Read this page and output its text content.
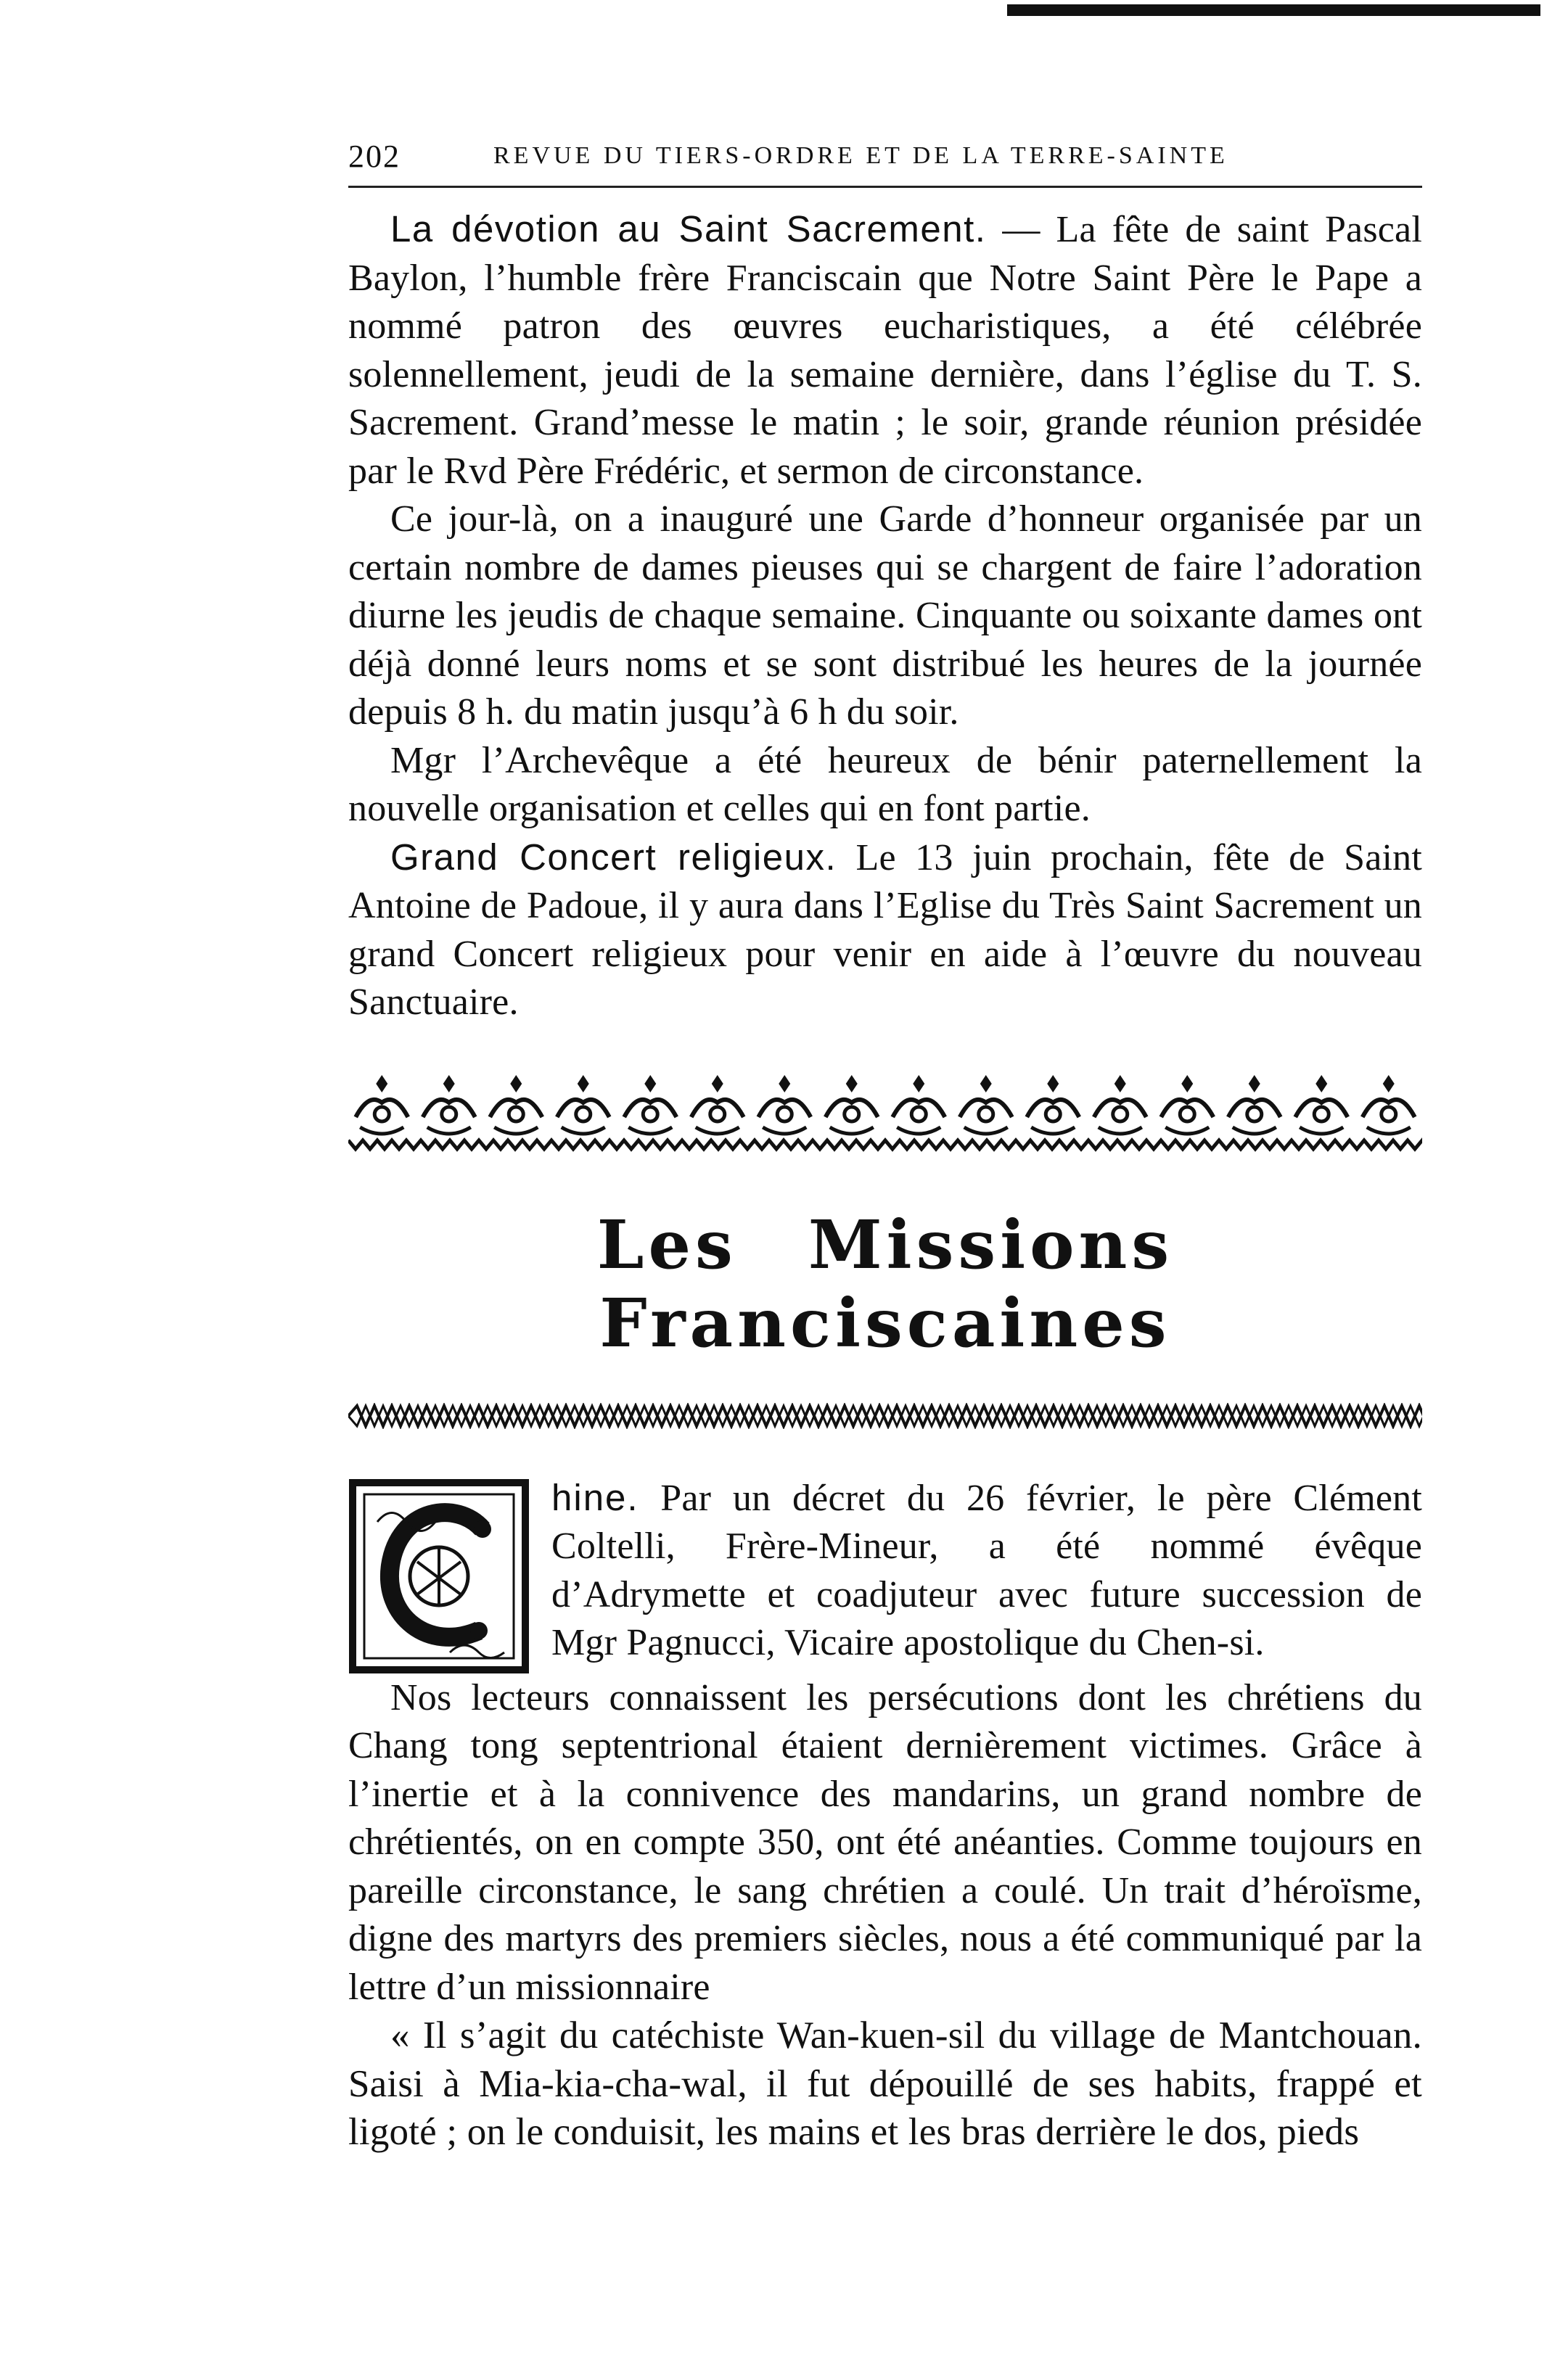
202	REVUE DU TIERS-ORDRE ET DE LA TERRE-SAINTE

La dévotion au Saint Sacrement. — La fête de saint Pascal Baylon, l’humble frère Franciscain que Notre Saint Père le Pape a nommé patron des œuvres eucharistiques, a été célébrée solennellement, jeudi de la semaine dernière, dans l’église du T. S. Sacrement. Grand’messe le matin ; le soir, grande réunion présidée par le Rvd Père Frédéric, et sermon de circonstance.

Ce jour-là, on a inauguré une Garde d’honneur organisée par un certain nombre de dames pieuses qui se chargent de faire l’adoration diurne les jeudis de chaque semaine. Cinquante ou soixante dames ont déjà donné leurs noms et se sont distribué les heures de la journée depuis 8 h. du matin jusqu’à 6 h du soir.

Mgr l’Archevêque a été heureux de bénir paternellement la nouvelle organisation et celles qui en font partie.

Grand Concert religieux. Le 13 juin prochain, fête de Saint Antoine de Padoue, il y aura dans l’Eglise du Très Saint Sacrement un grand Concert religieux pour venir en aide à l’œuvre du nouveau Sanctuaire.

Les Missions Franciscaines

hine. Par un décret du 26 février, le père Clément Coltelli, Frère-Mineur, a été nommé évêque d’Adrymette et coadjuteur avec future succession de Mgr Pagnucci, Vicaire apostolique du Chen-si.

Nos lecteurs connaissent les persécutions dont les chrétiens du Chang tong septentrional étaient dernièrement victimes. Grâce à l’inertie et à la connivence des mandarins, un grand nombre de chrétientés, on en compte 350, ont été anéanties. Comme toujours en pareille circonstance, le sang chrétien a coulé. Un trait d’héroïsme, digne des martyrs des premiers siècles, nous a été communiqué par la lettre d’un missionnaire

« Il s’agit du catéchiste Wan-kuen-sil du village de Mantchouan. Saisi à Mia-kia-cha-wal, il fut dépouillé de ses habits, frappé et ligoté ; on le conduisit, les mains et les bras derrière le dos, pieds
